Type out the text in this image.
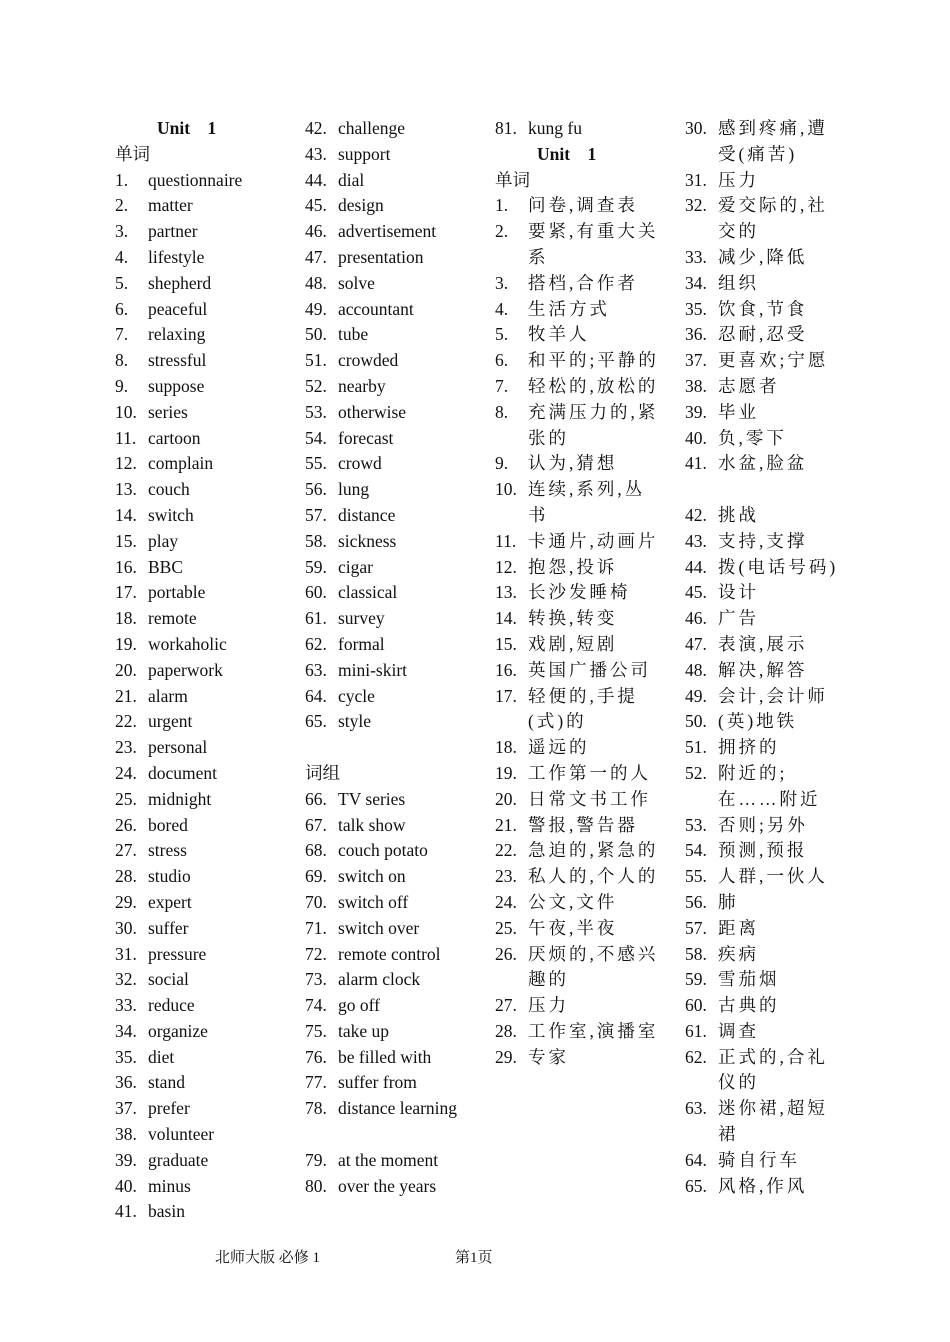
Unit　1
单词
1.	questionnaire
2.	matter
3.	partner
4.	lifestyle
5.	shepherd
6.	peaceful
7.	relaxing
8.	stressful
9.	suppose
10. series
11. cartoon
12. complain
13. couch
14. switch
15. play
16. BBC
17. portable
18. remote
19. workaholic
20. paperwork
21. alarm
22. urgent
23. personal
24. document
25. midnight
26. bored
27. stress
28. studio
29. expert
30. suffer
31. pressure
32. social
33. reduce
34. organize
35. diet
36. stand
37. prefer
38. volunteer
39. graduate
40. minus
41. basin
42. challenge
43. support
44. dial
45. design
46. advertisement
47. presentation
48. solve
49. accountant
50. tube
51. crowded
52. nearby
53. otherwise
54. forecast
55. crowd
56. lung
57. distance
58. sickness
59. cigar
60. classical
61. survey
62. formal
63. mini-skirt
64. cycle
65. style
词组
66. TV series
67. talk show
68. couch potato
69. switch on
70. switch off
71. switch over
72. remote control
73. alarm clock
74. go off
75. take up
76. be filled with
77. suffer from
78. distance learning
79. at the moment
80. over the years
81. kung fu
Unit　1
单词
1.	问卷,调查表
2.	要紧,有重大关系
3.	搭档,合作者
4.	生活方式
5.	牧羊人
6.	和平的;平静的
7.	轻松的,放松的
8.	充满压力的,紧张的
9.	认为,猜想
10. 连续,系列,丛书
11. 卡通片,动画片
12. 抱怨,投诉
13. 长沙发睡椅
14. 转换,转变
15. 戏剧,短剧
16. 英国广播公司
17. 轻便的,手提(式)的
18. 遥远的
19. 工作第一的人
20. 日常文书工作
21. 警报,警告器
22. 急迫的,紧急的
23. 私人的,个人的
24. 公文,文件
25. 午夜,半夜
26. 厌烦的,不感兴趣的
27. 压力
28. 工作室,演播室
29. 专家
30. 感到疼痛,遭受(痛苦)
31. 压力
32. 爱交际的,社交的
33. 减少,降低
34. 组织
35. 饮食,节食
36. 忍耐,忍受
37. 更喜欢;宁愿
38. 志愿者
39. 毕业
40. 负,零下
41. 水盆,脸盆
42. 挑战
43. 支持,支撑
44. 拨(电话号码)
45. 设计
46. 广告
47. 表演,展示
48. 解决,解答
49. 会计,会计师
50. (英)地铁
51. 拥挤的
52. 附近的;在……附近
53. 否则;另外
54. 预测,预报
55. 人群,一伙人
56. 肺
57. 距离
58. 疾病
59. 雪茄烟
60. 古典的
61. 调查
62. 正式的,合礼仪的
63. 迷你裙,超短裙
64. 骑自行车
65. 风格,作风
北师大版 必修 1	第1页
